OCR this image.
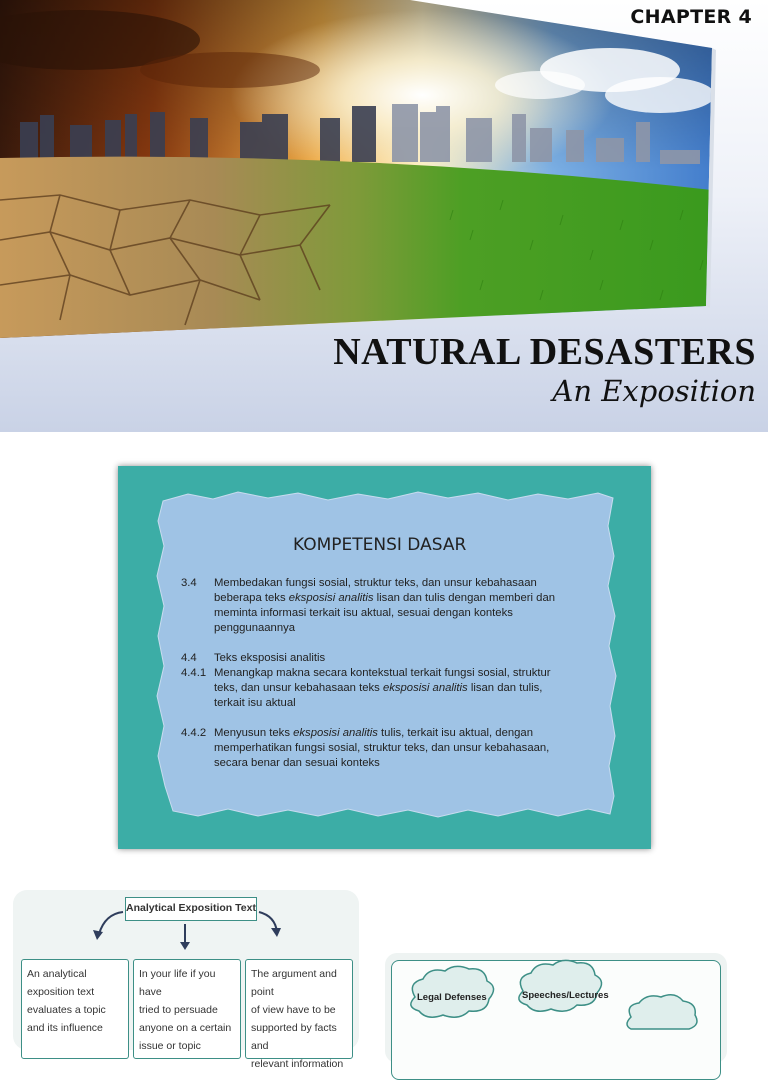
CHAPTER 4
NATURAL DESASTERS
An Exposition
KOMPETENSI DASAR
3.4	Membedakan fungsi sosial, struktur teks, dan unsur kebahasaan
beberapa teks eksposisi analitis lisan dan tulis dengan memberi dan
meminta informasi terkait isu aktual, sesuai dengan konteks
penggunaannya
4.4	Teks eksposisi analitis
4.4.1 Menangkap makna secara kontekstual terkait fungsi sosial, struktur
teks, dan unsur kebahasaan teks eksposisi analitis lisan dan tulis,
terkait isu aktual
4.4.2 Menyusun teks eksposisi analitis tulis, terkait isu aktual, dengan
memperhatikan fungsi sosial, struktur teks, dan unsur kebahasaan,
secara benar dan sesuai konteks
Analytical Exposition Text
An analytical
exposition text
evaluates a topic
and its influence
In your life if you have
tried to persuade
anyone on a certain
issue or topic
The argument and point
of view have to be
supported by facts and
relevant information
Legal Defenses	Speeches/Lectures
